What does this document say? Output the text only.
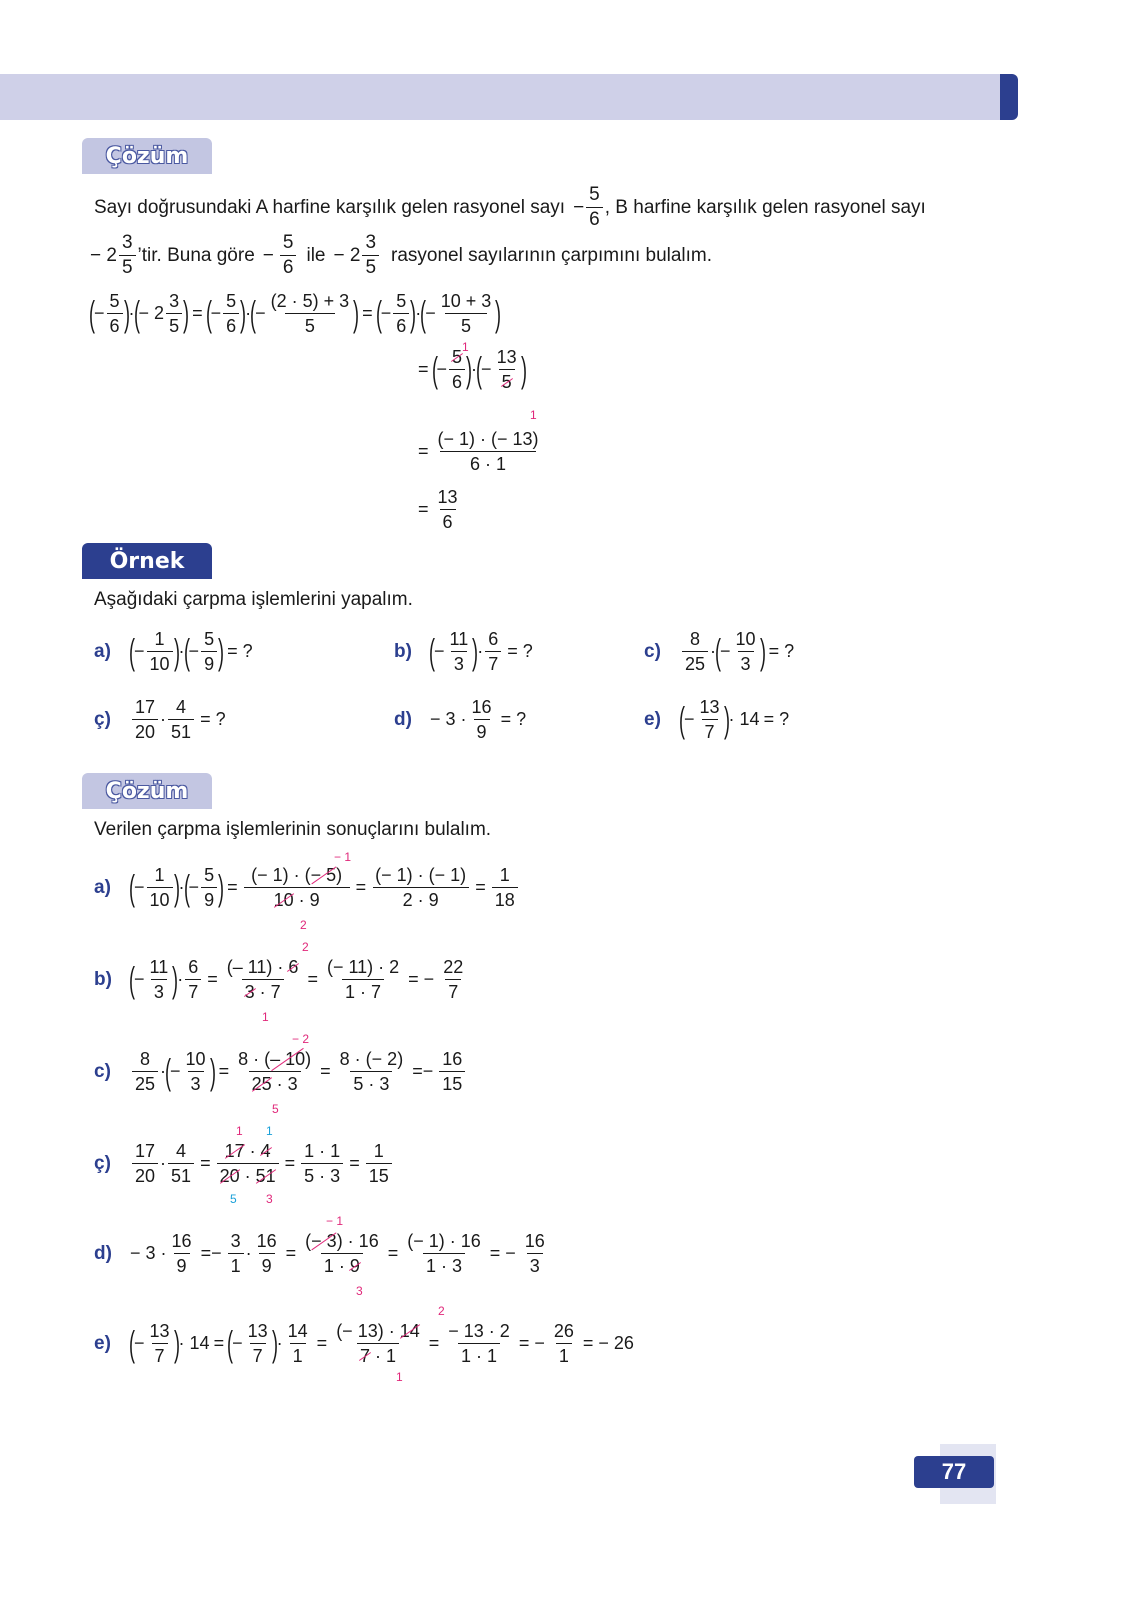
Çözüm
Sayı doğrusundaki A harfine karşılık gelen rasyonel sayı − $\frac{5}{6}$ , B harfine karşılık gelen rasyonel sayı
− $2 \frac{3}{5}$ ’tir. Buna göre − $\frac{5}{6}$ ile − $2 \frac{3}{5}$ rasyonel sayılarının çarpımını bulalım.
( − $\frac{5}{6}$ ) · ( − $2 \frac{3}{5}$ ) = ( − $\frac{5}{6}$ ) · ( − $\frac{(2 \cdot 5) + 3}{5}$ ) = ( − $\frac{5}{6}$ ) · ( − $\frac{10 + 3}{5}$ )
= ( − $\frac{5}{6}$ ) · ( − $\frac{13}{5}$ )
1
1
= $\frac{(- 1) \cdot (- 13)}{6 \cdot 1}$
= $\frac{13}{6}$
Örnek
Aşağıdaki çarpma işlemlerini yapalım.
a) ( − $\frac{1}{10}$ ) · ( − $\frac{5}{9}$ ) = ?	b) ( − $\frac{11}{3}$ ) · $\frac{6}{7}$ = ?	c)	$\frac{8}{25}$ · ( − $\frac{10}{3}$ ) = ?
ç)	$\frac{17}{20} \cdot \frac{4}{51}$ = ?	d)	− $3 \cdot \frac{16}{9}$ = ?	e) ( − $\frac{13}{7}$ ) · 14 = ?
Çözüm
Verilen çarpma işlemlerinin sonuçlarını bulalım.
− 1
a) ( − $\frac{1}{10}$ ) · ( − $\frac{5}{9}$ ) = $\frac{(- 1) \cdot (- 5)}{10 \cdot 9} = \frac{(- 1) \cdot (- 1)}{2 \cdot 9} = \frac{1}{18}$
2
2
b) ( − $\frac{11}{3}$ ) · $\frac{6}{7} = \frac{(- 11) \cdot 6}{3 \cdot 7} = \frac{(- 11) \cdot 2}{1 \cdot 7}$ = − $\frac{22}{7}$
1
− 2
c)	$\frac{8}{25}$ · ( − $\frac{10}{3}$ ) = $\frac{8 \cdot (- 10)}{25 \cdot 3} = \frac{8 \cdot (- 2)}{5 \cdot 3} =- \frac{16}{15}$
5
1 1
ç)	$\frac{17}{20} \cdot \frac{4}{51} = \frac{17 \cdot 4}{20 \cdot 51} = \frac{1 \cdot 1}{5 \cdot 3} = \frac{1}{15}$
5 3
− 1
d)	− $3 \cdot \frac{16}{9} =- \frac{3}{1} \cdot \frac{16}{9} = \frac{(- 3) \cdot 16}{1 \cdot 9} = \frac{(- 1) \cdot 16}{1 \cdot 3}$ = − $\frac{16}{3}$
3
2
e) ( − $\frac{13}{7}$ ) · 14 = ( − $\frac{13}{7}$ ) · $\frac{14}{1} = \frac{(- 13) \cdot 14}{7 \cdot 1} = \frac{- 13 \cdot 2}{1 \cdot 1}$ = − $\frac{26}{1}$ = − 26
1
77
